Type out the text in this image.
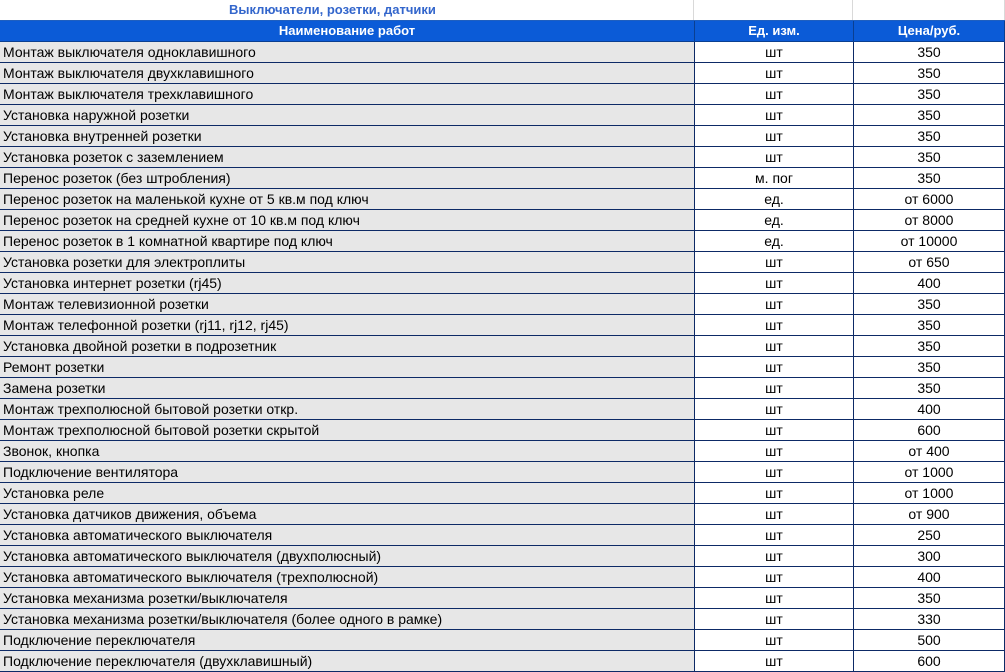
Выключатели, розетки, датчики
Наименование работ	Ед. изм.	Цена/руб.
Монтаж выключателя одноклавишного	шт	350
Монтаж выключателя двухклавишного	шт	350
Монтаж выключателя трехклавишного	шт	350
Установка наружной розетки	шт	350
Установка внутренней розетки	шт	350
Установка розеток с заземлением	шт	350
Перенос розеток (без штробления)	м. пог	350
Перенос розеток на маленькой кухне от 5 кв.м под ключ	ед.	от 6000
Перенос розеток на средней кухне от 10 кв.м под ключ	ед.	от 8000
Перенос розеток в 1 комнатной квартире под ключ	ед.	от 10000
Установка розетки для электроплиты	шт	от 650
Установка интернет розетки (rj45)	шт	400
Монтаж телевизионной розетки	шт	350
Монтаж телефонной розетки (rj11, rj12, rj45)	шт	350
Установка двойной розетки в подрозетник	шт	350
Ремонт розетки	шт	350
Замена розетки	шт	350
Монтаж трехполюсной бытовой розетки откр.	шт	400
Монтаж трехполюсной бытовой розетки скрытой	шт	600
Звонок, кнопка	шт	от 400
Подключение вентилятора	шт	от 1000
Установка реле	шт	от 1000
Установка датчиков движения, объема	шт	от 900
Установка автоматического выключателя	шт	250
Установка автоматического выключателя (двухполюсный)	шт	300
Установка автоматического выключателя (трехполюсной)	шт	400
Установка механизма розетки/выключателя	шт	350
Установка механизма розетки/выключателя (более одного в рамке)	шт	330
Подключение переключателя	шт	500
Подключение переключателя (двухклавишный)	шт	600
